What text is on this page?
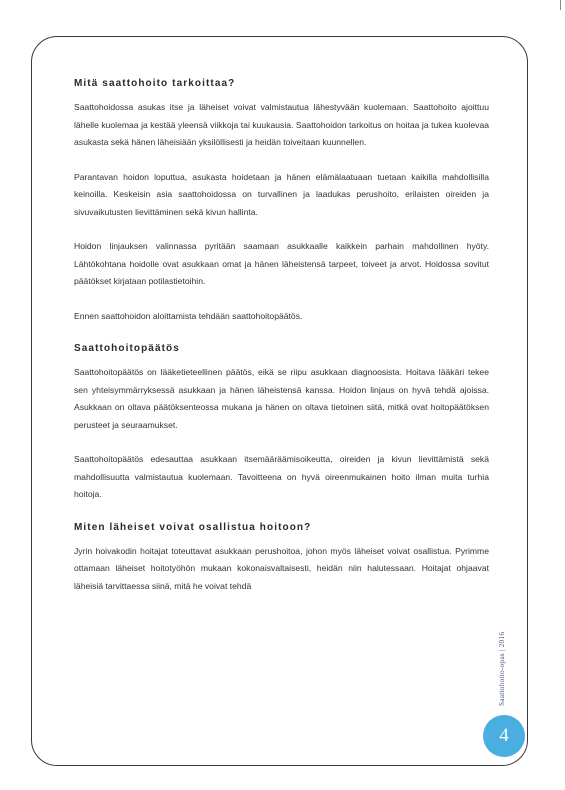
Mitä saattohoito tarkoittaa?

Saattohoidossa asukas itse ja läheiset voivat valmistautua lähestyvään kuolemaan. Saattohoito ajoittuu lähelle kuolemaa ja kestää yleensä viikkoja tai kuukausia. Saattohoidon tarkoitus on hoitaa ja tukea kuolevaa asukasta sekä hänen läheisiään yksilöllisesti ja heidän toiveitaan kuunnellen.

Parantavan hoidon loputtua, asukasta hoidetaan ja hänen elämälaatuaan tuetaan kaikilla mahdollisilla keinoilla. Keskeisin asia saattohoidossa on turvallinen ja laadukas perushoito, erilaisten oireiden ja sivuvaikutusten lievittäminen sekä kivun hallinta.

Hoidon linjauksen valinnassa pyritään saamaan asukkaalle kaikkein parhain mahdollinen hyöty. Lähtökohtana hoidolle ovat asukkaan omat ja hänen läheistensä tarpeet, toiveet ja arvot. Hoidossa sovitut päätökset kirjataan potilastietoihin.

Ennen saattohoidon aloittamista tehdään saattohoitopäätös.

Saattohoitopäätös

Saattohoitopäätös on lääketieteellinen päätös, eikä se riipu asukkaan diagnoosista. Hoitava lääkäri tekee sen yhteisymmärryksessä asukkaan ja hänen läheistensä kanssa. Hoidon linjaus on hyvä tehdä ajoissa. Asukkaan on oltava päätöksenteossa mukana ja hänen on oltava tietoinen siitä, mitkä ovat hoitopäätöksen perusteet ja seuraamukset.

Saattohoitopäätös edesauttaa asukkaan itsemääräämisoikeutta, oireiden ja kivun lievittämistä sekä mahdollisuutta valmistautua kuolemaan. Tavoitteena on hyvä oireenmukainen hoito ilman muita turhia hoitoja.

Miten läheiset voivat osallistua hoitoon?

Jyrin hoivakodin hoitajat toteuttavat asukkaan perushoitoa, johon myös läheiset voivat osallistua. Pyrimme ottamaan läheiset hoitotyöhön mukaan kokonaisvaltaisesti, heidän niin halutessaan. Hoitajat ohjaavat läheisiä tarvittaessa siinä, mitä he voivat tehdä

Saattohoito-opas | 2016
4
